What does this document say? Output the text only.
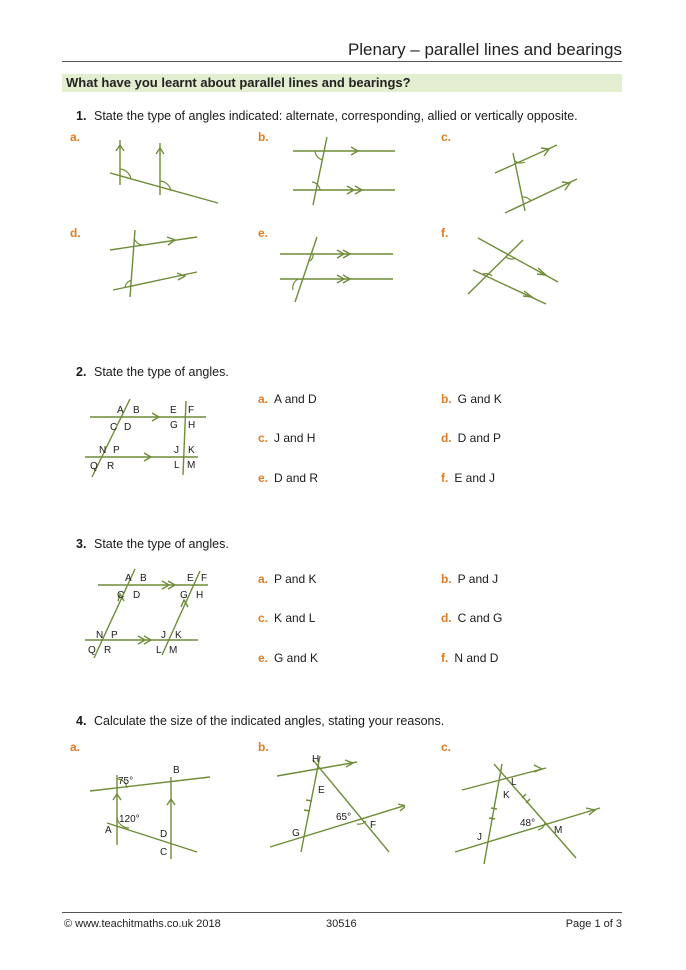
Plenary – parallel lines and bearings
What have you learnt about parallel lines and bearings?
1. State the type of angles indicated: alternate, corresponding, allied or vertically opposite.
a.	b.	c.
d.	e.	f.
2. State the type of angles.
A B
C D
E F
G H
N P	J K
Q R	L M
a. A and D	b. G and K
c. J and H	d. D and P
e. D and R	f. E and J
3. State the type of angles.
A B	E F
C D	G H
N P	J K
Q R	L M
a. P and K	b. P and J
c. K and L	d. C and G
e. G and K	f. N and D
4. Calculate the size of the indicated angles, stating your reasons.
a.	b.	c.
75°
120°
B
A	D
C
H
E
G
65°
F
L
K
J
48°
M
© www.teachitmaths.co.uk 2018	30516	Page 1 of 3
